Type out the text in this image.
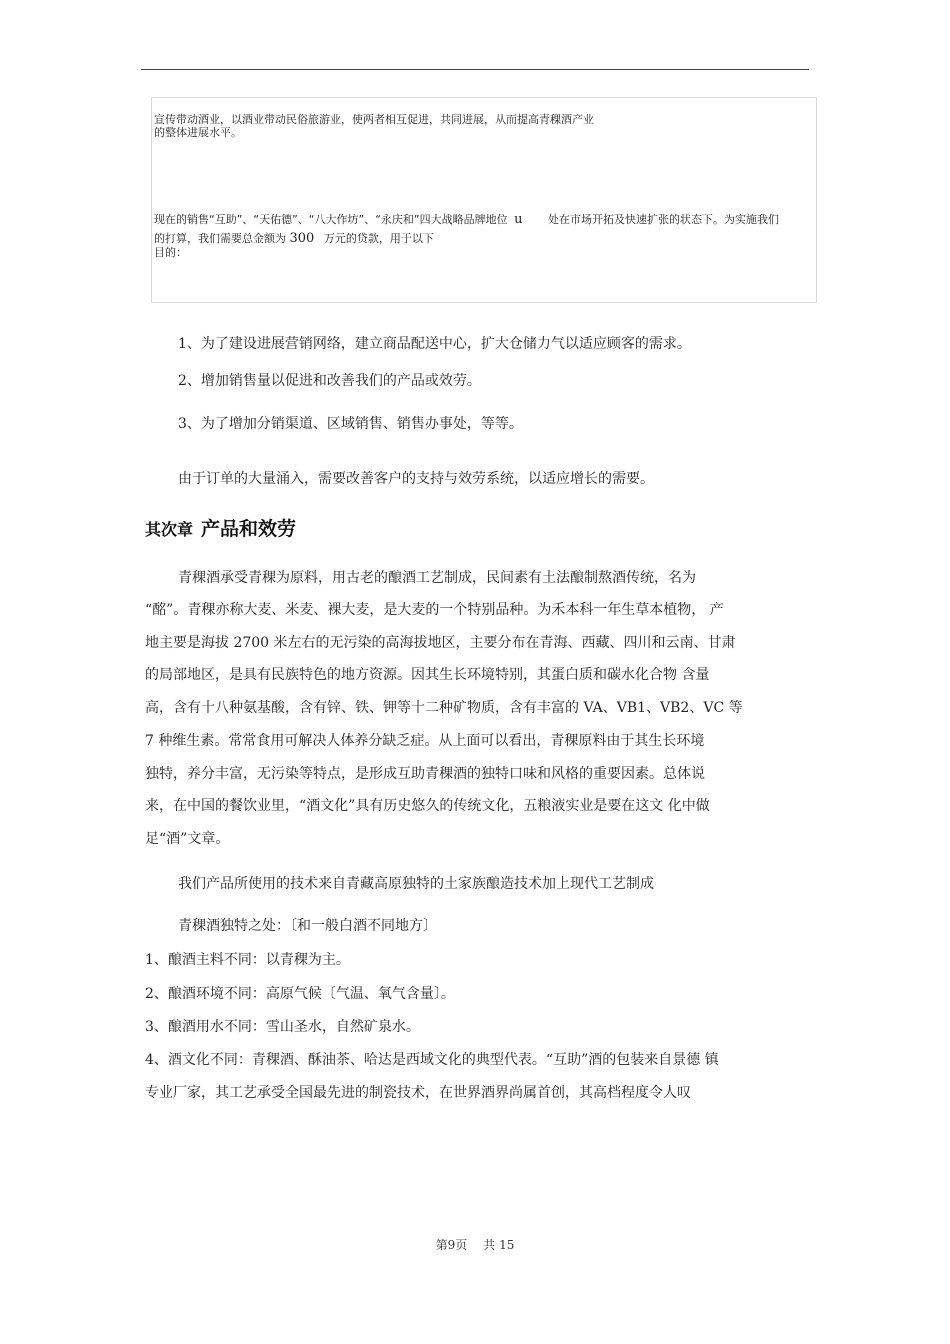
宣传带动酒业，以酒业带动民俗旅游业，使两者相互促进，共同进展，从而提高青稞酒产业
的整体进展水平。
现在的销售“互助”、“天佑德”、“八大作坊”、“永庆和”四大战略品牌地位 u 处在市场开拓及快速扩张的状态下。为实施我们
的打算，我们需要总金额为 300 万元的贷款，用于以下
目的：
1、为了建设进展营销网络，建立商品配送中心，扩大仓储力气以适应顾客的需求。
2、增加销售量以促进和改善我们的产品或效劳。
3、为了增加分销渠道、区域销售、销售办事处，等等。
由于订单的大量涌入，需要改善客户的支持与效劳系统，以适应增长的需要。
其次章 产品和效劳
青稞酒承受青稞为原料，用古老的酿酒工艺制成，民间素有土法酿制熬酒传统，名为
“酩”。青稞亦称大麦、米麦、裸大麦，是大麦的一个特别品种。为禾本科一年生草本植物， 产
地主要是海拔 2700 米左右的无污染的高海拔地区，主要分布在青海、西藏、四川和云南、甘肃
的局部地区，是具有民族特色的地方资源。因其生长环境特别，其蛋白质和碳水化合物 含量
高，含有十八种氨基酸，含有锌、铁、钾等十二种矿物质，含有丰富的 VA、VB1、VB2、VC 等
7 种维生素。常常食用可解决人体养分缺乏症。从上面可以看出，青稞原料由于其生长环境
独特，养分丰富，无污染等特点，是形成互助青稞酒的独特口味和风格的重要因素。总体说
来，在中国的餐饮业里，“酒文化”具有历史悠久的传统文化，五粮液实业是要在这文 化中做
足“酒”文章。
我们产品所使用的技术来自青藏高原独特的土家族酿造技术加上现代工艺制成
青稞酒独特之处：〔和一般白酒不同地方〕
1、酿酒主料不同：以青稞为主。
2、酿酒环境不同：高原气候〔气温、氧气含量〕。
3、酿酒用水不同：雪山圣水，自然矿泉水。
4、酒文化不同：青稞酒、酥油茶、哈达是西域文化的典型代表。“互助”酒的包装来自景德 镇
专业厂家，其工艺承受全国最先进的制瓷技术，在世界酒界尚属首创，其高档程度令人叹
第9页 共 15
